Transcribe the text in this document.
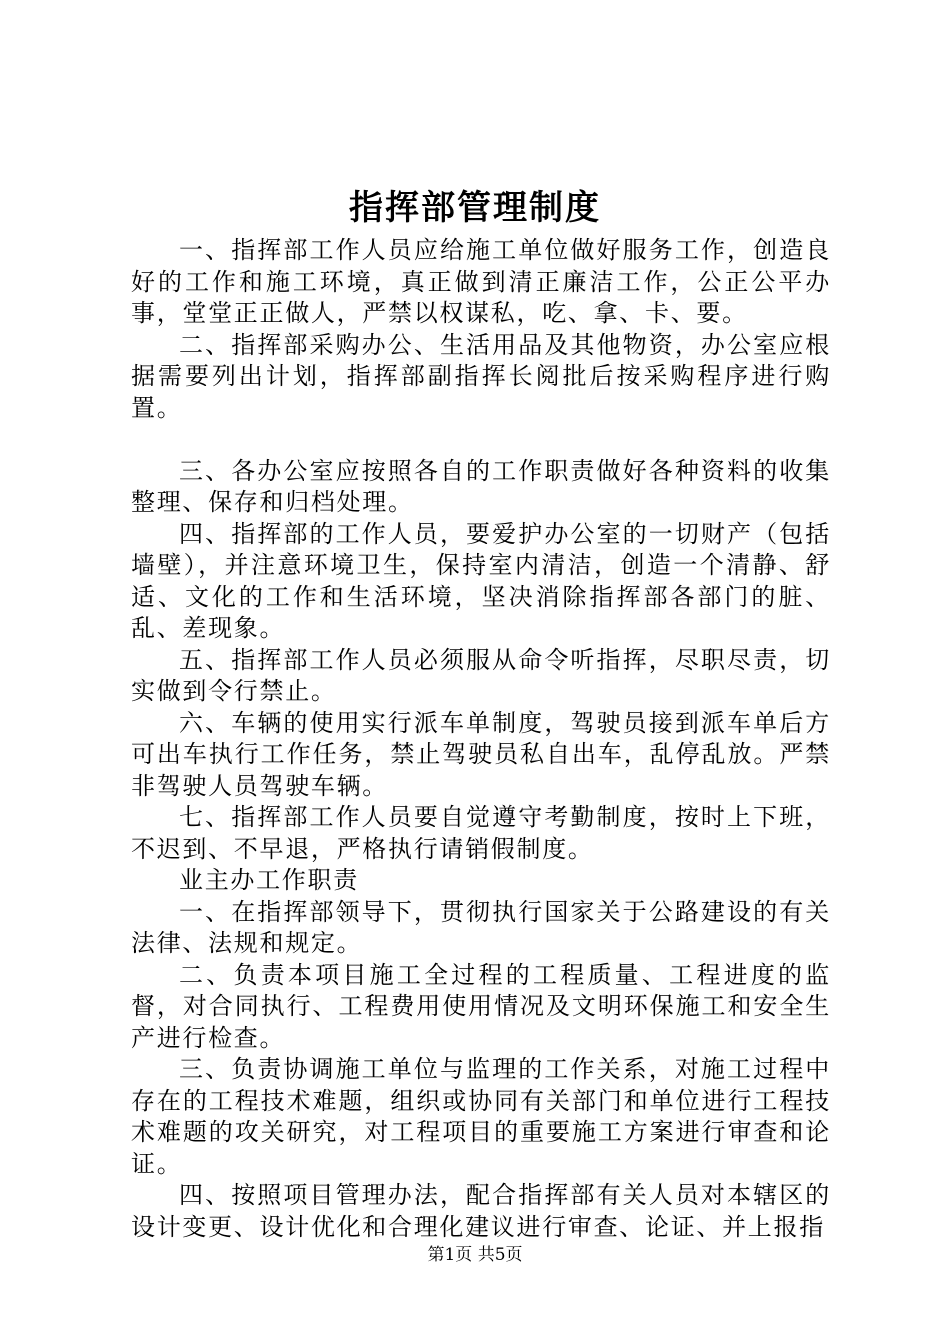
指挥部管理制度

一、指挥部工作人员应给施工单位做好服务工作，创造良好的工作和施工环境，真正做到清正廉洁工作，公正公平办事，堂堂正正做人，严禁以权谋私，吃、拿、卡、要。

二、指挥部采购办公、生活用品及其他物资，办公室应根据需要列出计划，指挥部副指挥长阅批后按采购程序进行购置。

三、各办公室应按照各自的工作职责做好各种资料的收集整理、保存和归档处理。

四、指挥部的工作人员，要爱护办公室的一切财产（包括墙壁），并注意环境卫生，保持室内清洁，创造一个清静、舒适、文化的工作和生活环境，坚决消除指挥部各部门的脏、乱、差现象。

五、指挥部工作人员必须服从命令听指挥，尽职尽责，切实做到令行禁止。

六、车辆的使用实行派车单制度，驾驶员接到派车单后方可出车执行工作任务，禁止驾驶员私自出车，乱停乱放。严禁非驾驶人员驾驶车辆。

七、指挥部工作人员要自觉遵守考勤制度，按时上下班，不迟到、不早退，严格执行请销假制度。

业主办工作职责

一、在指挥部领导下，贯彻执行国家关于公路建设的有关法律、法规和规定。

二、负责本项目施工全过程的工程质量、工程进度的监督，对合同执行、工程费用使用情况及文明环保施工和安全生产进行检查。

三、负责协调施工单位与监理的工作关系，对施工过程中存在的工程技术难题，组织或协同有关部门和单位进行工程技术难题的攻关研究，对工程项目的重要施工方案进行审查和论证。

四、按照项目管理办法，配合指挥部有关人员对本辖区的设计变更、设计优化和合理化建议进行审查、论证、并上报指

第1页 共5页
